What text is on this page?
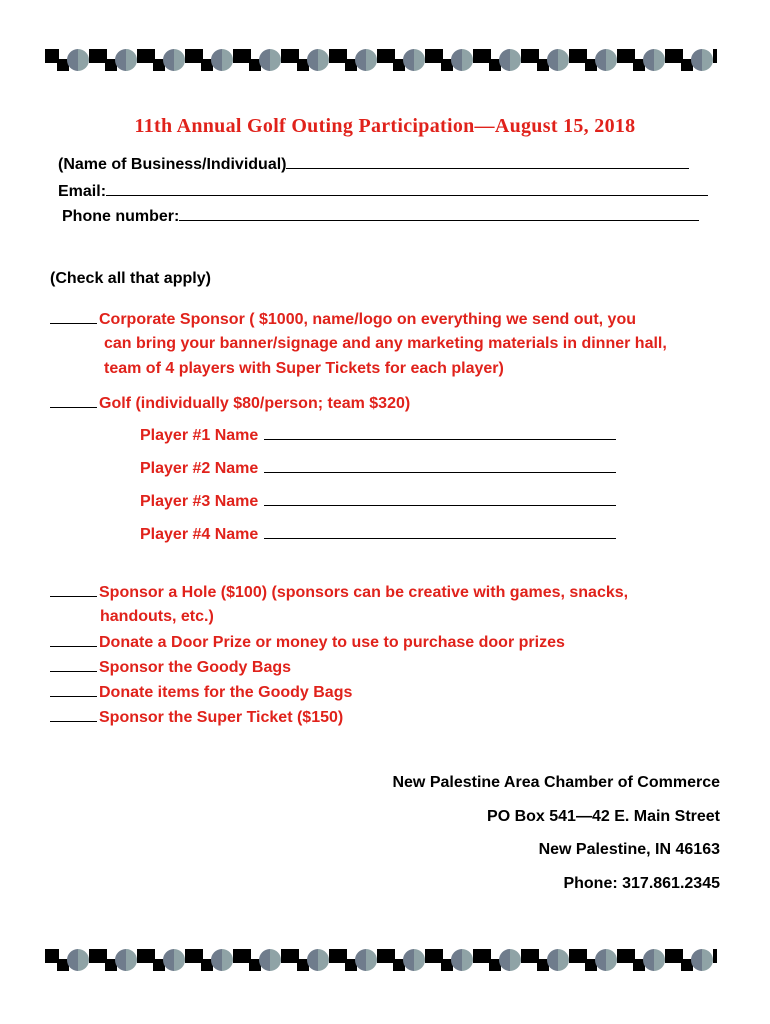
11th Annual Golf Outing Participation—August 15, 2018
(Name of Business/Individual)
Email:
Phone number:

(Check all that apply)

Corporate Sponsor ( $1000, name/logo on everything we send out, you
can bring your banner/signage and any marketing materials in dinner hall,
team of 4 players with Super Tickets for each player)
Golf (individually $80/person; team $320)
Player #1 Name
Player #2 Name
Player #3 Name
Player #4 Name
Sponsor a Hole ($100) (sponsors can be creative with games, snacks,
handouts, etc.)
Donate a Door Prize or money to use to purchase door prizes
Sponsor the Goody Bags
Donate items for the Goody Bags
Sponsor the Super Ticket ($150)

New Palestine Area Chamber of Commerce

PO Box 541—42 E. Main Street

New Palestine, IN 46163

Phone: 317.861.2345
